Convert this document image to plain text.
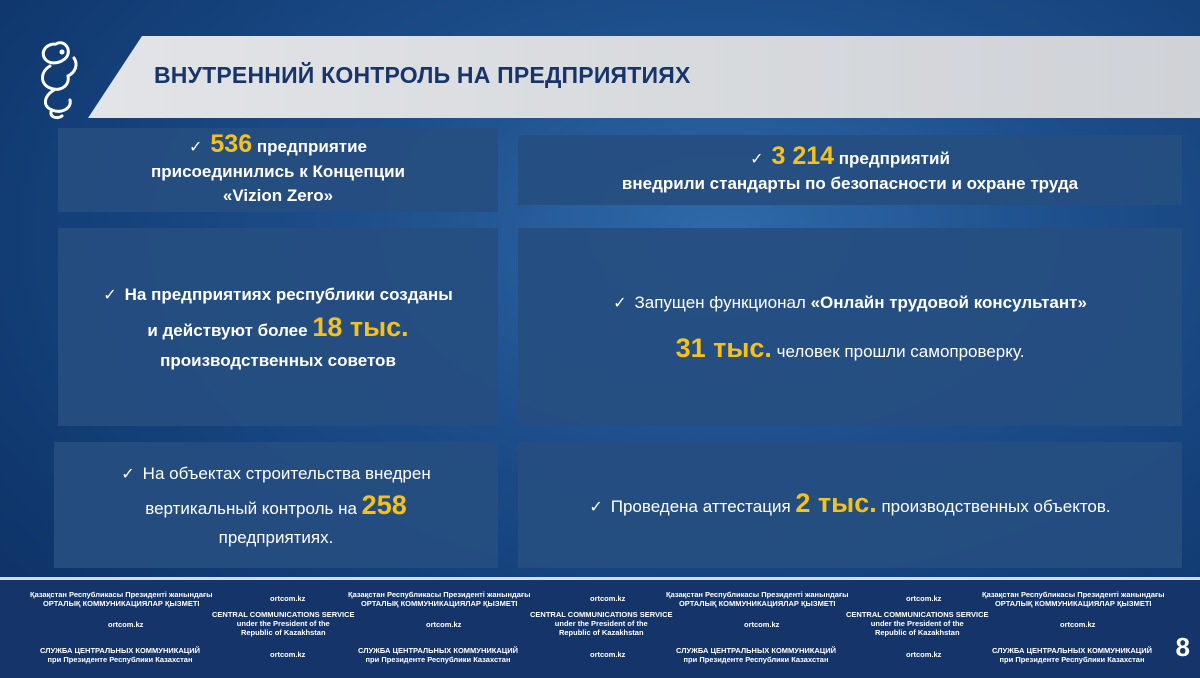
ВНУТРЕННИЙ КОНТРОЛЬ НА ПРЕДПРИЯТИЯХ
✓ 536 предприятие
присоединились к Концепции
«Vizion Zero»
✓ 3 214 предприятий
внедрили стандарты по безопасности и охране труда
✓ На предприятиях республики созданы
и действуют более 18 тыс.
производственных советов
✓ Запущен функционал «Онлайн трудовой консультант»
31 тыс. человек прошли самопроверку.
✓ На объектах строительства внедрен
вертикальный контроль на 258
предприятиях.
✓ Проведена аттестация 2 тыс. производственных объектов.
Қазақстан Республикасы Президенті жанындағы
ОРТАЛЫҚ КОММУНИКАЦИЯЛАР ҚЫЗМЕТІ
ortcom.kz
СЛУЖБА ЦЕНТРАЛЬНЫХ КОММУНИКАЦИЙ
при Президенте Республики Казахстан
ortcom.kz
CENTRAL COMMUNICATIONS SERVICE
under the President of the
Republic of Kazakhstan
ortcom.kz
Қазақстан Республикасы Президенті жанындағы
ОРТАЛЫҚ КОММУНИКАЦИЯЛАР ҚЫЗМЕТІ
ortcom.kz
СЛУЖБА ЦЕНТРАЛЬНЫХ КОММУНИКАЦИЙ
при Президенте Республики Казахстан
ortcom.kz
CENTRAL COMMUNICATIONS SERVICE
under the President of the
Republic of Kazakhstan
ortcom.kz
Қазақстан Республикасы Президенті жанындағы
ОРТАЛЫҚ КОММУНИКАЦИЯЛАР ҚЫЗМЕТІ
ortcom.kz
СЛУЖБА ЦЕНТРАЛЬНЫХ КОММУНИКАЦИЙ
при Президенте Республики Казахстан
ortcom.kz
CENTRAL COMMUNICATIONS SERVICE
under the President of the
Republic of Kazakhstan
ortcom.kz
Қазақстан Республикасы Президенті жанындағы
ОРТАЛЫҚ КОММУНИКАЦИЯЛАР ҚЫЗМЕТІ
ortcom.kz
СЛУЖБА ЦЕНТРАЛЬНЫХ КОММУНИКАЦИЙ
при Президенте Республики Казахстан 8
